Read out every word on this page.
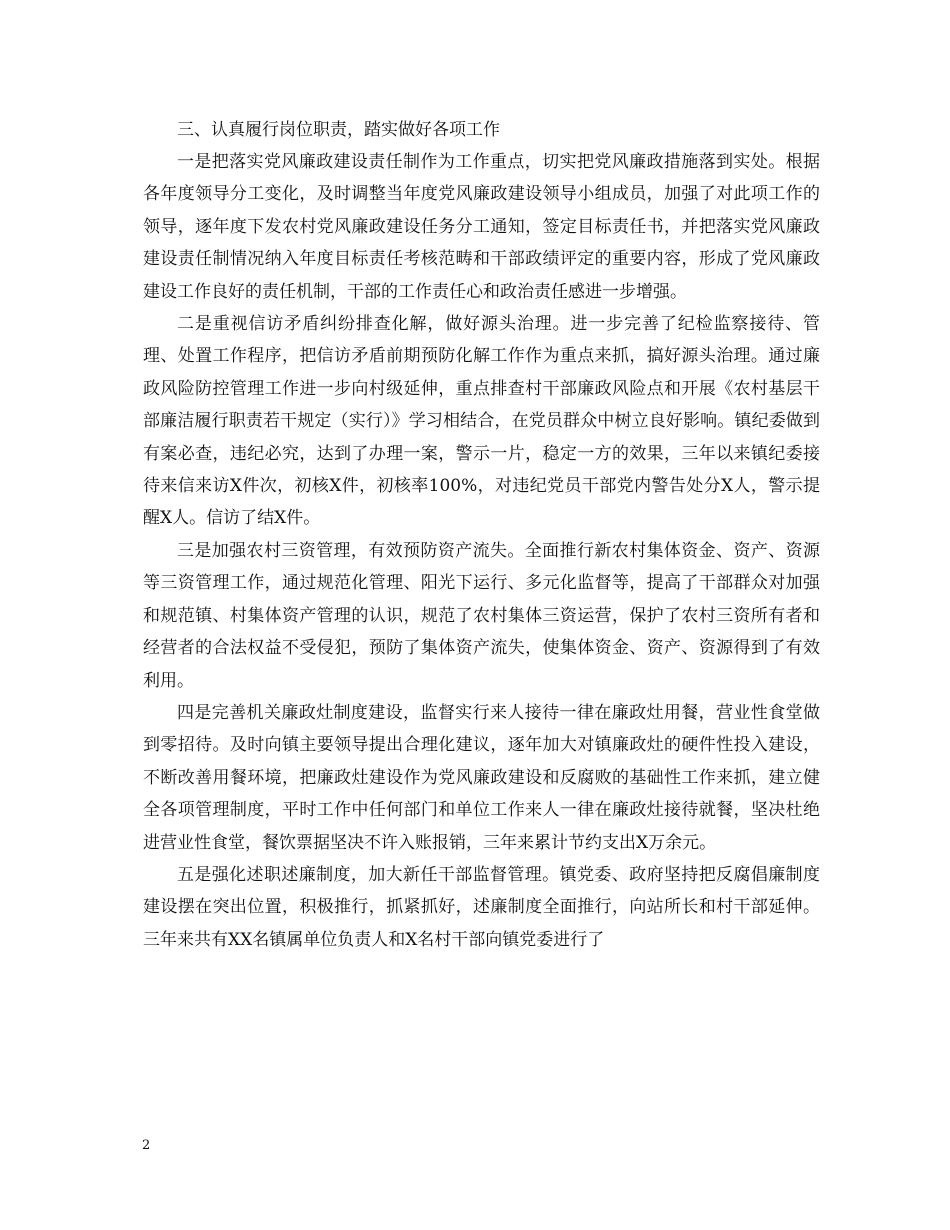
三、认真履行岗位职责，踏实做好各项工作

一是把落实党风廉政建设责任制作为工作重点，切实把党风廉政措施落到实处。根据各年度领导分工变化，及时调整当年度党风廉政建设领导小组成员，加强了对此项工作的领导，逐年度下发农村党风廉政建设任务分工通知，签定目标责任书，并把落实党风廉政建设责任制情况纳入年度目标责任考核范畴和干部政绩评定的重要内容，形成了党风廉政建设工作良好的责任机制，干部的工作责任心和政治责任感进一步增强。

二是重视信访矛盾纠纷排查化解，做好源头治理。进一步完善了纪检监察接待、管理、处置工作程序，把信访矛盾前期预防化解工作作为重点来抓，搞好源头治理。通过廉政风险防控管理工作进一步向村级延伸，重点排查村干部廉政风险点和开展《农村基层干部廉洁履行职责若干规定（实行）》学习相结合，在党员群众中树立良好影响。镇纪委做到有案必查，违纪必究，达到了办理一案，警示一片，稳定一方的效果，三年以来镇纪委接待来信来访X件次，初核X件，初核率100%，对违纪党员干部党内警告处分X人，警示提醒X人。信访了结X件。

三是加强农村三资管理，有效预防资产流失。全面推行新农村集体资金、资产、资源等三资管理工作，通过规范化管理、阳光下运行、多元化监督等，提高了干部群众对加强和规范镇、村集体资产管理的认识，规范了农村集体三资运营，保护了农村三资所有者和经营者的合法权益不受侵犯，预防了集体资产流失，使集体资金、资产、资源得到了有效利用。

四是完善机关廉政灶制度建设，监督实行来人接待一律在廉政灶用餐，营业性食堂做到零招待。及时向镇主要领导提出合理化建议，逐年加大对镇廉政灶的硬件性投入建设，不断改善用餐环境，把廉政灶建设作为党风廉政建设和反腐败的基础性工作来抓，建立健全各项管理制度，平时工作中任何部门和单位工作来人一律在廉政灶接待就餐，坚决杜绝进营业性食堂，餐饮票据坚决不许入账报销，三年来累计节约支出X万余元。

五是强化述职述廉制度，加大新任干部监督管理。镇党委、政府坚持把反腐倡廉制度建设摆在突出位置，积极推行，抓紧抓好，述廉制度全面推行，向站所长和村干部延伸。三年来共有XX名镇属单位负责人和X名村干部向镇党委进行了

2
